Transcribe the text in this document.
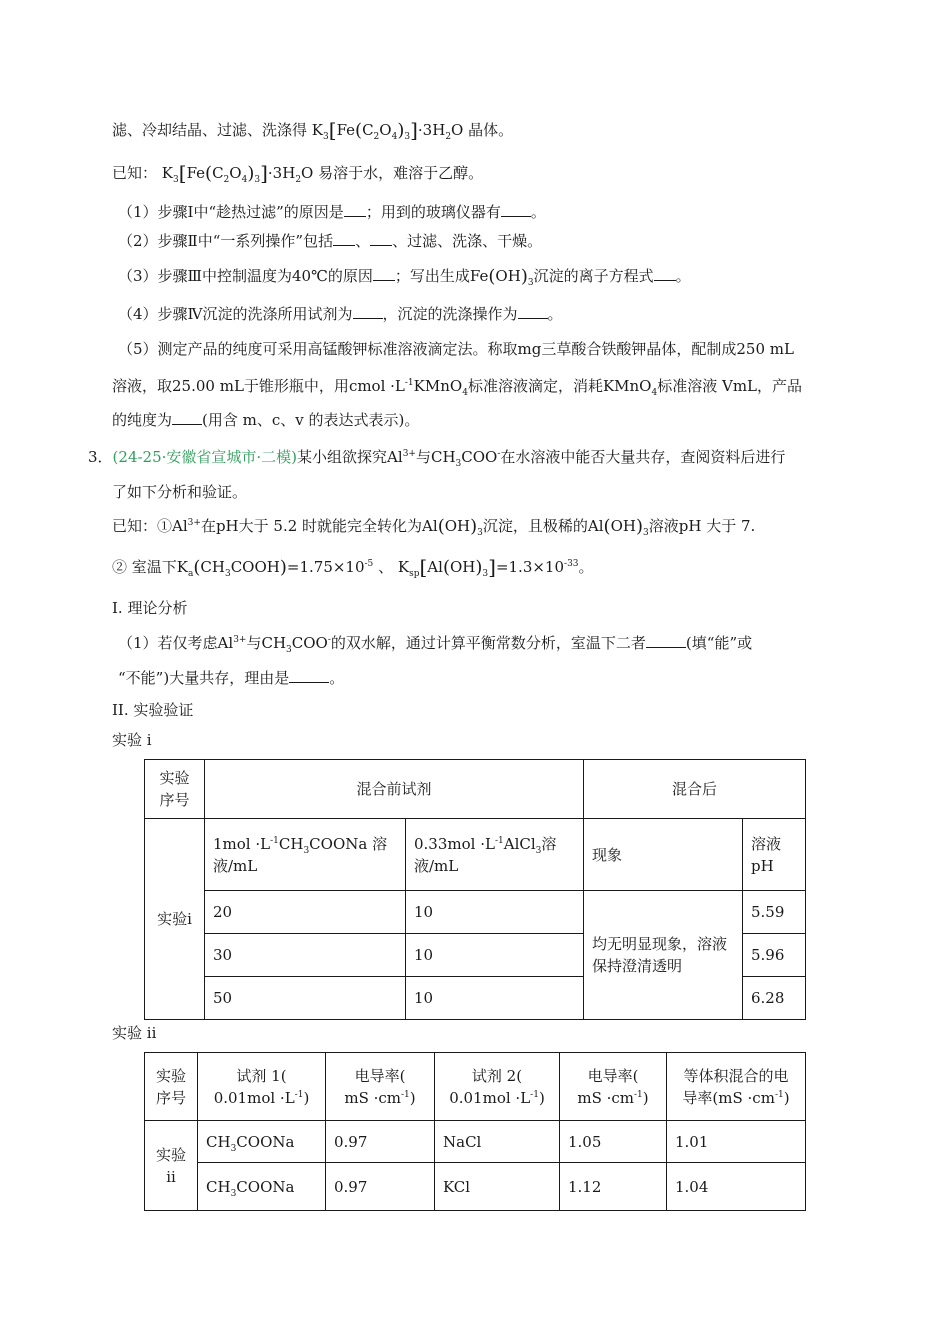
滤、冷却结晶、过滤、洗涤得 $K_3[Fe(C_2O_4)_3]\cdot 3H_2O$ 晶体。
已知： $K_3[Fe(C_2O_4)_3]\cdot 3H_2O$ 易溶于水，难溶于乙醇。
（1）步骤Ⅰ中“趁热过滤”的原因是 ；用到的玻璃仪器有 。
（2）步骤Ⅱ中“一系列操作”包括 、 、过滤、洗涤、干燥。
（3）步骤Ⅲ中控制温度为40℃的原因 ；写出生成$Fe(OH)_3$沉淀的离子方程式 。
（4）步骤Ⅳ沉淀的洗涤所用试剂为 ，沉淀的洗涤操作为 。
（5）测定产品的纯度可采用高锰酸钾标准溶液滴定法。称取mg三草酸合铁酸钾晶体，配制成250 mL
溶液，取25.00 mL于锥形瓶中，用cmol $\cdot L^{-1}KMnO_4$标准溶液滴定，消耗KMnO$_4$标准溶液 VmL，产品
的纯度为 (用含 m、c、v 的表达式表示)。
3．(24-25·安徽省宣城市·二模)某小组欲探究$Al^{3+}$与$CH_3COO^-$在水溶液中能否大量共存，查阅资料后进行
了如下分析和验证。
已知：$①Al^{3+}$在pH大于 5.2 时就能完全转化为$Al(OH)_3$沉淀，且极稀的$Al(OH)_3$溶液pH 大于 7.
② 室温下$K_a(CH_3COOH)=1.75\times 10^{-5}$ 、 $K_{sp}[Al(OH)_3]=1.3\times 10^{-33}$。
I. 理论分析
（1）若仅考虑$Al^{3+}$与$CH_3COO^-$的双水解，通过计算平衡常数分析，室温下二者	(填“能”或
“不能”)大量共存，理由是	。
II. 实验验证
实验 i
实验序号	混合前试剂		混合后	
实验i	$1mol \cdot L^{-1}CH_3COONa$ 溶
液/mL	$0.33mol \cdot L^{-1}AlCl_3$溶
液/mL	现象	溶液pH
	20	10	均无明显现象，溶液保持澄清透明	5.59
	30	10		5.96
	50	10		6.28
实验 ii
实验序号	试剂 1(
$0.01mol \cdot L^{-1}$)	电导率(
mS $\cdot cm^{-1}$)	试剂 2(
$0.01mol \cdot L^{-1}$)	电导率(
mS $\cdot cm^{-1}$)	等体积混合的电
导率$(mS \cdot cm^{-1})$
实验ii	$CH_3COONa$	0.97	NaCl	1.05	1.01
	$CH_3COONa$	0.97	KCl	1.12	1.04
